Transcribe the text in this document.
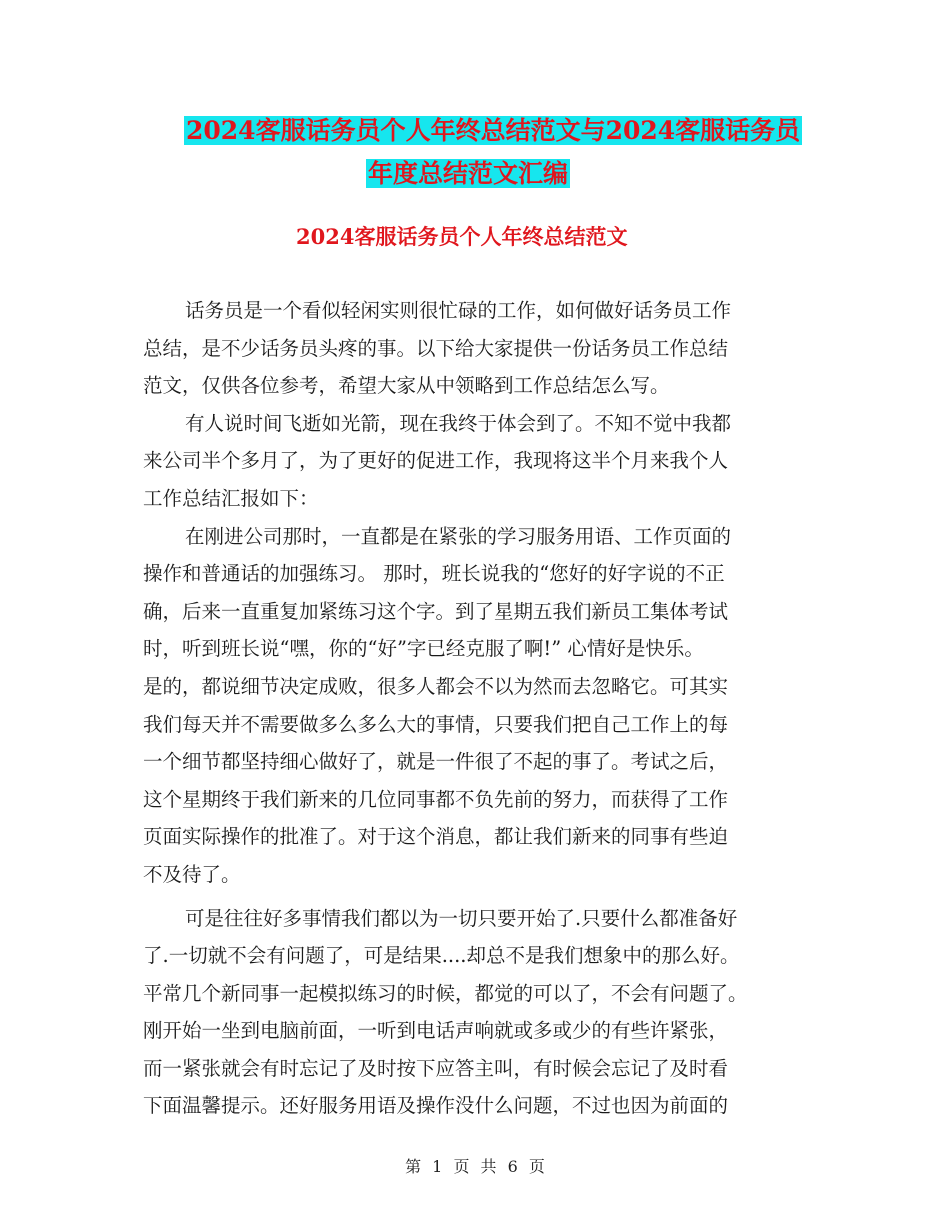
2024客服话务员个人年终总结范文与2024客服话务员
年度总结范文汇编
2024客服话务员个人年终总结范文
话务员是一个看似轻闲实则很忙碌的工作，如何做好话务员工作
总结，是不少话务员头疼的事。以下给大家提供一份话务员工作总结
范文，仅供各位参考，希望大家从中领略到工作总结怎么写。
有人说时间飞逝如光箭，现在我终于体会到了。不知不觉中我都
来公司半个多月了，为了更好的促进工作，我现将这半个月来我个人
工作总结汇报如下：
在刚进公司那时，一直都是在紧张的学习服务用语、工作页面的
操作和普通话的加强练习。 那时，班长说我的“您好的好字说的不正
确，后来一直重复加紧练习这个字。到了星期五我们新员工集体考试
时，听到班长说“嘿，你的“好”字已经克服了啊!” 心情好是快乐。
是的，都说细节决定成败，很多人都会不以为然而去忽略它。可其实
我们每天并不需要做多么多么大的事情，只要我们把自己工作上的每
一个细节都坚持细心做好了，就是一件很了不起的事了。考试之后，
这个星期终于我们新来的几位同事都不负先前的努力，而获得了工作
页面实际操作的批准了。对于这个消息，都让我们新来的同事有些迫
不及待了。
可是往往好多事情我们都以为一切只要开始了.只要什么都准备好
了.一切就不会有问题了，可是结果....却总不是我们想象中的那么好。
平常几个新同事一起模拟练习的时候，都觉的可以了，不会有问题了。
刚开始一坐到电脑前面，一听到电话声响就或多或少的有些许紧张，
而一紧张就会有时忘记了及时按下应答主叫，有时候会忘记了及时看
下面温馨提示。还好服务用语及操作没什么问题，不过也因为前面的
第 1 页 共 6 页
